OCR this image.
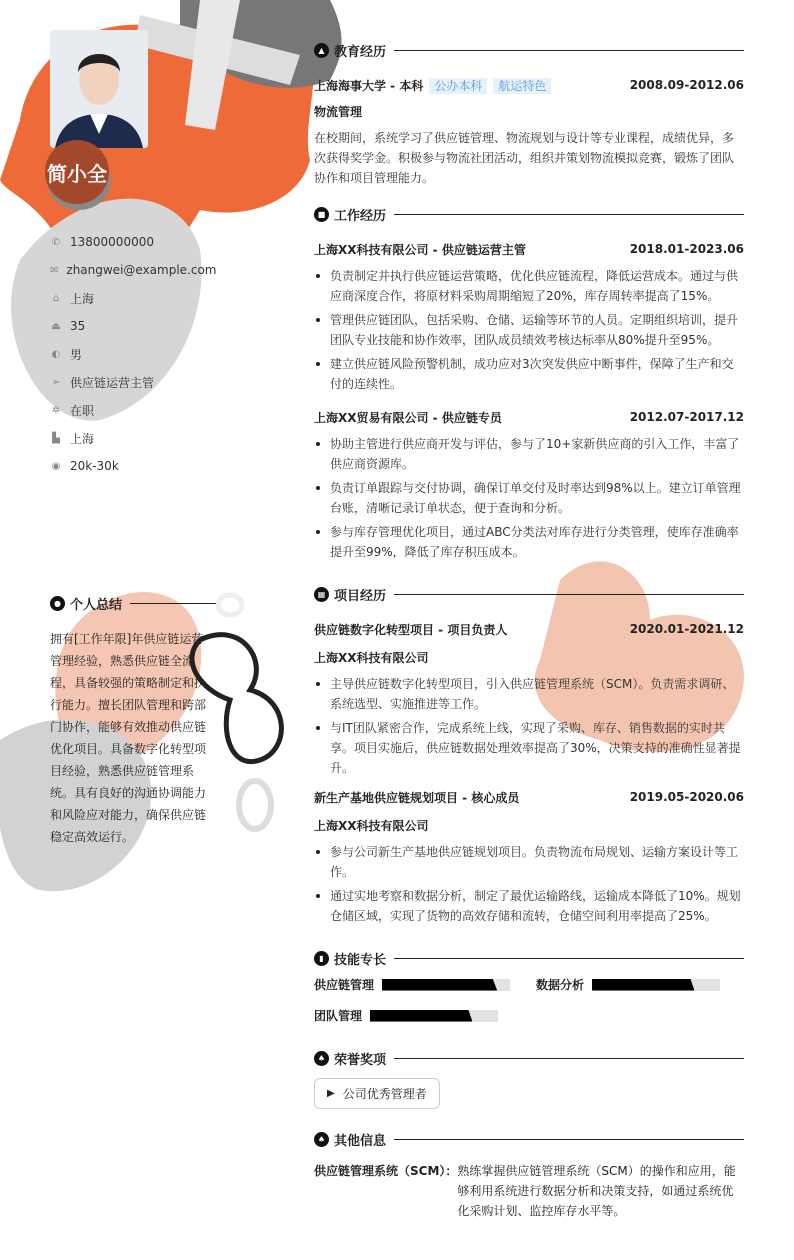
简小全
✆ 13800000000
✉ zhangwei@example.com
⌂ 上海
⏏ 35
◐ 男
➢ 供应链运营主管
✲ 在职
▙ 上海
◉ 20k-30k
● 个人总结
拥有[工作年限]年供应链运营管理经验，熟悉供应链全流程，具备较强的策略制定和执行能力。擅长团队管理和跨部门协作，能够有效推动供应链优化项目。具备数字化转型项目经验，熟悉供应链管理系统。具有良好的沟通协调能力和风险应对能力，确保供应链稳定高效运行。
▲ 教育经历
上海海事大学 - 本科 公办本科 航运特色	2008.09-2012.06
物流管理

在校期间，系统学习了供应链管理、物流规划与设计等专业课程，成绩优异，多次获得奖学金。积极参与物流社团活动，组织并策划物流模拟竞赛，锻炼了团队协作和项目管理能力。

■ 工作经历
上海XX科技有限公司 - 供应链运营主管	2018.01-2023.06
负责制定并执行供应链运营策略，优化供应链流程，降低运营成本。通过与供应商深度合作，将原材料采购周期缩短了20%，库存周转率提高了15%。
管理供应链团队，包括采购、仓储、运输等环节的人员。定期组织培训，提升团队专业技能和协作效率，团队成员绩效考核达标率从80%提升至95%。
建立供应链风险预警机制，成功应对3次突发供应中断事件，保障了生产和交付的连续性。
上海XX贸易有限公司 - 供应链专员	2012.07-2017.12
协助主管进行供应商开发与评估，参与了10+家新供应商的引入工作，丰富了供应商资源库。
负责订单跟踪与交付协调，确保订单交付及时率达到98%以上。建立订单管理台账，清晰记录订单状态，便于查询和分析。
参与库存管理优化项目，通过ABC分类法对库存进行分类管理，使库存准确率提升至99%，降低了库存积压成本。
▦ 项目经历
供应链数字化转型项目 - 项目负责人	2020.01-2021.12
上海XX科技有限公司
主导供应链数字化转型项目，引入供应链管理系统（SCM）。负责需求调研、系统选型、实施推进等工作。
与IT团队紧密合作，完成系统上线，实现了采购、库存、销售数据的实时共享。项目实施后，供应链数据处理效率提高了30%，决策支持的准确性显著提升。
新生产基地供应链规划项目 - 核心成员	2019.05-2020.06
上海XX科技有限公司
参与公司新生产基地供应链规划项目。负责物流布局规划、运输方案设计等工作。
通过实地考察和数据分析，制定了最优运输路线，运输成本降低了10%。规划仓储区域，实现了货物的高效存储和流转，仓储空间利用率提高了25%。
▮ 技能专长
供应链管理	数据分析
团队管理
♠ 荣誉奖项
▶ 公司优秀管理者
♠ 其他信息
供应链管理系统（SCM）： 熟练掌握供应链管理系统（SCM）的操作和应用，能够利用系统进行数据分析和决策支持，如通过系统优化采购计划、监控库存水平等。
